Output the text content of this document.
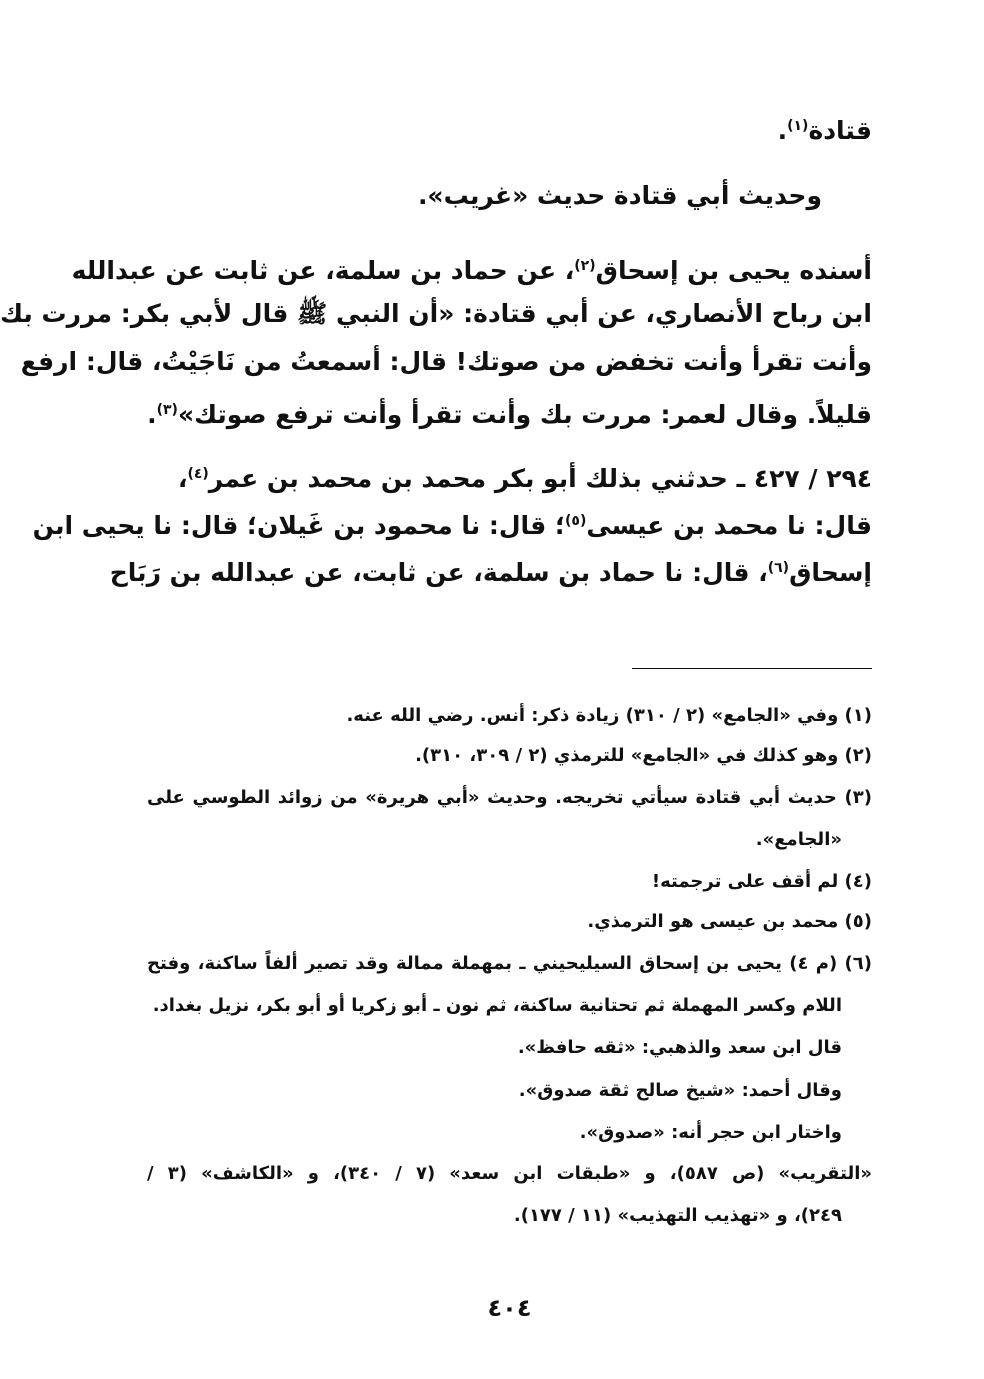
قتادة$^{(١)}$.
وحديث أبي قتادة حديث «غريب».
أسنده يحيى بن إسحاق$^{(٢)}$، عن حماد بن سلمة، عن ثابت عن عبدالله
ابن رباح الأنصاري، عن أبي قتادة: «أن النبي ﷺ قال لأبي بكر: مررت بك
وأنت تقرأ وأنت تخفض من صوتك! قال: أسمعتُ من نَاجَيْتُ، قال: ارفع
قليلاً. وقال لعمر: مررت بك وأنت تقرأ وأنت ترفع صوتك»$^{(٣)}$.
٢٩٤ / ٤٢٧ ـ حدثني بذلك أبو بكر محمد بن محمد بن عمر$^{(٤)}$،
قال: نا محمد بن عيسى$^{(٥)}$؛ قال: نا محمود بن غَيلان؛ قال: نا يحيى ابن
إسحاق$^{(٦)}$، قال: نا حماد بن سلمة، عن ثابت، عن عبدالله بن رَبَاح
(١) وفي «الجامع» (٢ / ٣١٠) زيادة ذكر: أنس. رضي الله عنه.
(٢) وهو كذلك في «الجامع» للترمذي (٢ / ٣٠٩، ٣١٠).
(٣) حديث أبي قتادة سيأتي تخريجه. وحديث «أبي هريرة» من زوائد الطوسي على
«الجامع».
(٤) لم أقف على ترجمته!
(٥) محمد بن عيسى هو الترمذي.
(٦) (م ٤) يحيى بن إسحاق السيليحيني ـ بمهملة ممالة وقد تصير ألفاً ساكنة، وفتح
اللام وكسر المهملة ثم تحتانية ساكنة، ثم نون ـ أبو زكريا أو أبو بكر، نزيل بغداد.
قال ابن سعد والذهبي: «ثقه حافظ».
وقال أحمد: «شيخ صالح ثقة صدوق».
واختار ابن حجر أنه: «صدوق».
«التقريب» (ص ٥٨٧)، و «طبقات ابن سعد» (٧ / ٣٤٠)، و «الكاشف» (٣ /
٢٤٩)، و «تهذيب التهذيب» (١١ / ١٧٧).
٤٠٤
